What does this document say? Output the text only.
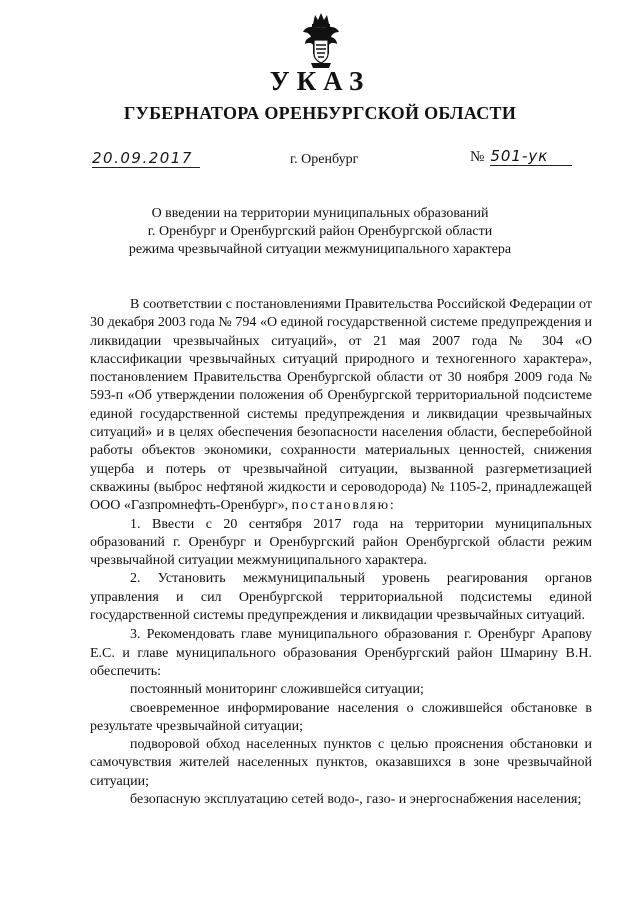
УКАЗ
ГУБЕРНАТОРА ОРЕНБУРГСКОЙ ОБЛАСТИ
20.09.2017	г. Оренбург	№ 501-ук
О введении на территории муниципальных образований
г. Оренбург и Оренбургский район Оренбургской области
режима чрезвычайной ситуации межмуниципального характера

В соответствии с постановлениями Правительства Российской Федерации от 30 декабря 2003 года № 794 «О единой государственной системе предупреждения и ликвидации чрезвычайных ситуаций», от 21 мая 2007 года № 304 «О классификации чрезвычайных ситуаций природного и техногенного характера», постановлением Правительства Оренбургской области от 30 ноября 2009 года № 593-п «Об утверждении положения об Оренбургской территориальной подсистеме единой государственной системы предупреждения и ликвидации чрезвычайных ситуаций» и в целях обеспечения безопасности населения области, бесперебойной работы объектов экономики, сохранности материальных ценностей, снижения ущерба и потерь от чрезвычайной ситуации, вызванной разгерметизацией скважины (выброс нефтяной жидкости и сероводорода) № 1105-2, принадлежащей ООО «Газпромнефть-Оренбург», постановляю:

1. Ввести с 20 сентября 2017 года на территории муниципальных образований г. Оренбург и Оренбургский район Оренбургской области режим чрезвычайной ситуации межмуниципального характера.

2. Установить межмуниципальный уровень реагирования органов управления и сил Оренбургской территориальной подсистемы единой государственной системы предупреждения и ликвидации чрезвычайных ситуаций.

3. Рекомендовать главе муниципального образования г. Оренбург Арапову Е.С. и главе муниципального образования Оренбургский район Шмарину В.Н. обеспечить:

постоянный мониторинг сложившейся ситуации;

своевременное информирование населения о сложившейся обстановке в результате чрезвычайной ситуации;

подворовой обход населенных пунктов с целью прояснения обстановки и самочувствия жителей населенных пунктов, оказавшихся в зоне чрезвычайной ситуации;

безопасную эксплуатацию сетей водо-, газо- и энергоснабжения населения;
